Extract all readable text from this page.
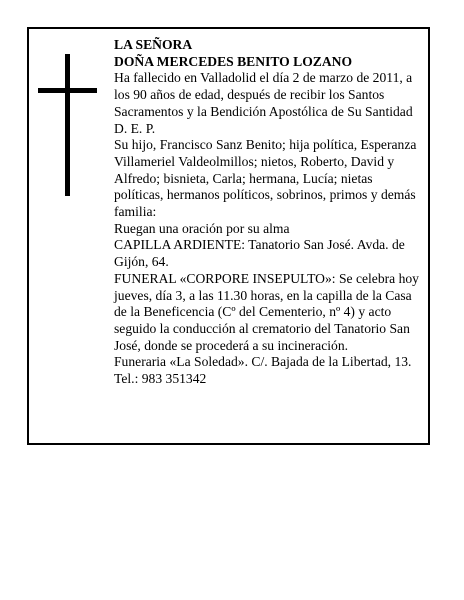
LA SEÑORA

DOÑA MERCEDES BENITO LOZANO

Ha fallecido en Valladolid el día 2 de marzo de 2011, a los 90 años de edad, después de recibir los Santos Sacramentos y la Bendición Apostólica de Su Santidad D. E. P.

Su hijo, Francisco Sanz Benito; hija política, Esperanza Villameriel Valdeolmillos; nietos, Roberto, David y Alfredo; bisnieta, Carla; hermana, Lucía; nietas políticas, hermanos políticos, sobrinos, primos y demás familia:

Ruegan una oración por su alma

CAPILLA ARDIENTE: Tanatorio San José. Avda. de Gijón, 64.

FUNERAL «CORPORE INSEPULTO»: Se celebra hoy jueves, día 3, a las 11.30 horas, en la capilla de la Casa de la Beneficencia (Cº del Cementerio, nº 4) y acto seguido la conducción al crematorio del Tanatorio San José, donde se procederá a su incineración.

Funeraria «La Soledad». C/. Bajada de la Libertad, 13. Tel.: 983 351342
